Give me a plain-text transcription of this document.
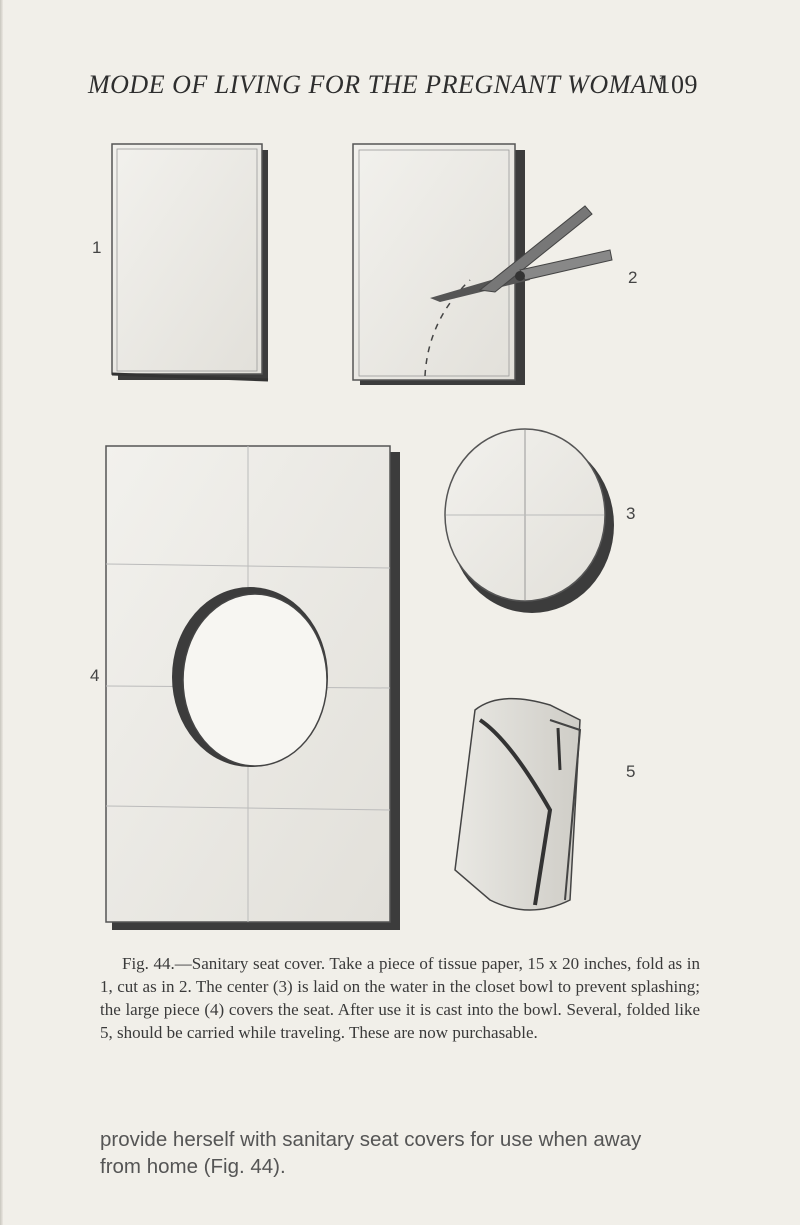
MODE OF LIVING FOR THE PREGNANT WOMAN
109
1
2
3
4
5
Fig. 44.—Sanitary seat cover. Take a piece of tissue paper, 15 x 20 inches, fold as in 1, cut as in 2. The center (3) is laid on the water in the closet bowl to prevent splashing; the large piece (4) covers the seat. After use it is cast into the bowl. Several, folded like 5, should be carried while traveling. These are now purchasable.
provide herself with sanitary seat covers for use when away
from home (Fig. 44).
